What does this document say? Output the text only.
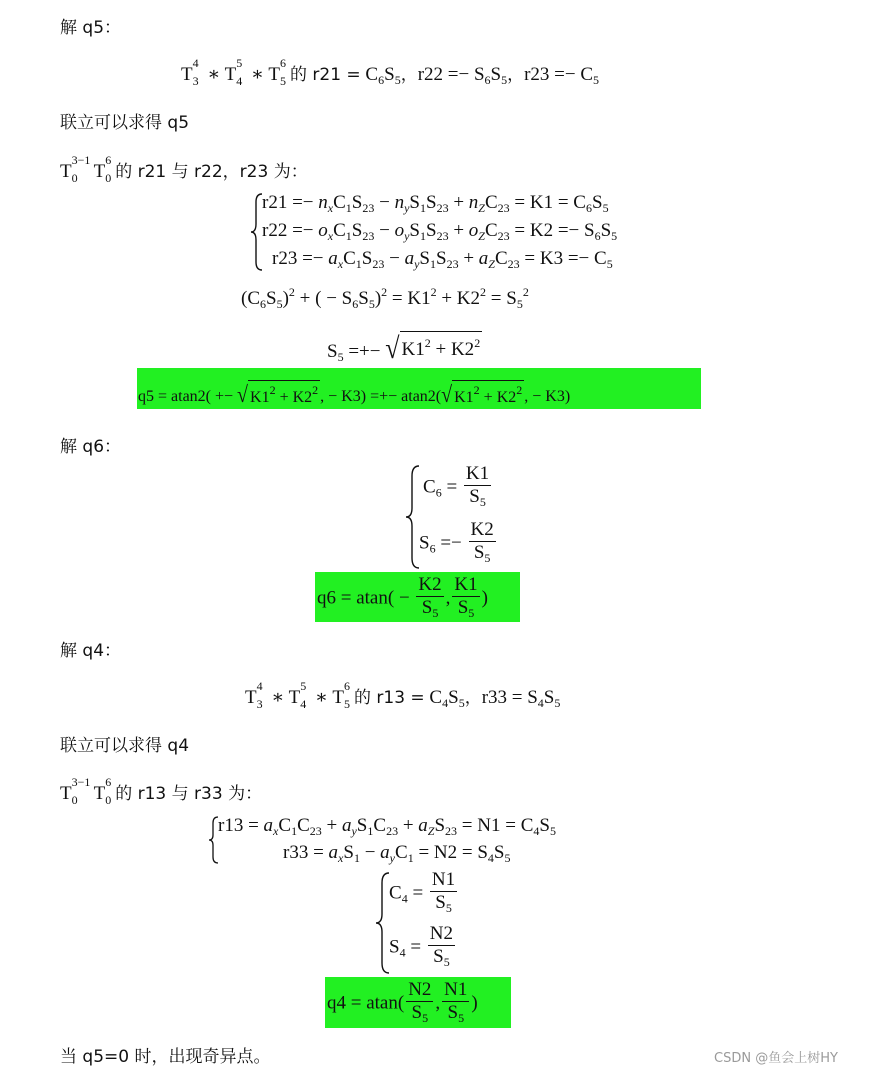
解 q5：
T
4
3 ∗ T
5
4 ∗ T
6
5 的 $r21 = C_6S_5$，$r22 =- S_6S_5$，$r23 =- C_5$
联立可以求得 q5
T
3−1
0 T
6
0 的 r21 与 r22，r23 为：
$r21 =- n_xC_1S_{23} - n_yS_1S_{23} + n_ZC_{23} = K1 = C_6S_5$
$r22 =- o_xC_1S_{23} - o_yS_1S_{23} + o_ZC_{23} = K2 =- S_6S_5$
$r23 =- a_xC_1S_{23} - a_yS_1S_{23} + a_ZC_{23} = K3 =- C_5$
$(C_6S_5)^2$ + ( − $S_6S_5)^2 = K1^2 + K2^2 = S_5^2$
$S_5$ =+− √ $K1^2 + K2^2$
q5 = atan2( +− √ $K1^2 + K2^2$ , − K3) =+− atan2( √ $K1^2 + K2^2$ , − K3)
解 q6：
$C_6 = \frac{K1}{S_5}$
$S_6 =- \frac{K2}{S_5}$
$q6 = atan( - \frac{K2}{S_5}$ , $\frac{K1}{S_5}$ )
解 q4：
T
4
3 ∗ T
5
4 ∗ T
6
5 的 $r13 = C_4S_5$，$r33 = S_4S_5$
联立可以求得 q4
T
3−1
0 T
6
0 的 r13 与 r33 为：
$r13 = a_xC_1C_{23} + a_yS_1C_{23} + a_ZS_{23} = N1 = C_4S_5$
$r33 = a_xS_1 - a_yC_1 = N2 = S_4S_5$
$C_4 = \frac{N1}{S_5}$
$S_4 = \frac{N2}{S_5}$
$q4 = atan( \frac{N2}{S_5}$ , $\frac{N1}{S_5}$ )
当 q5=0 时，出现奇异点。	CSDN @鱼会上树HY
